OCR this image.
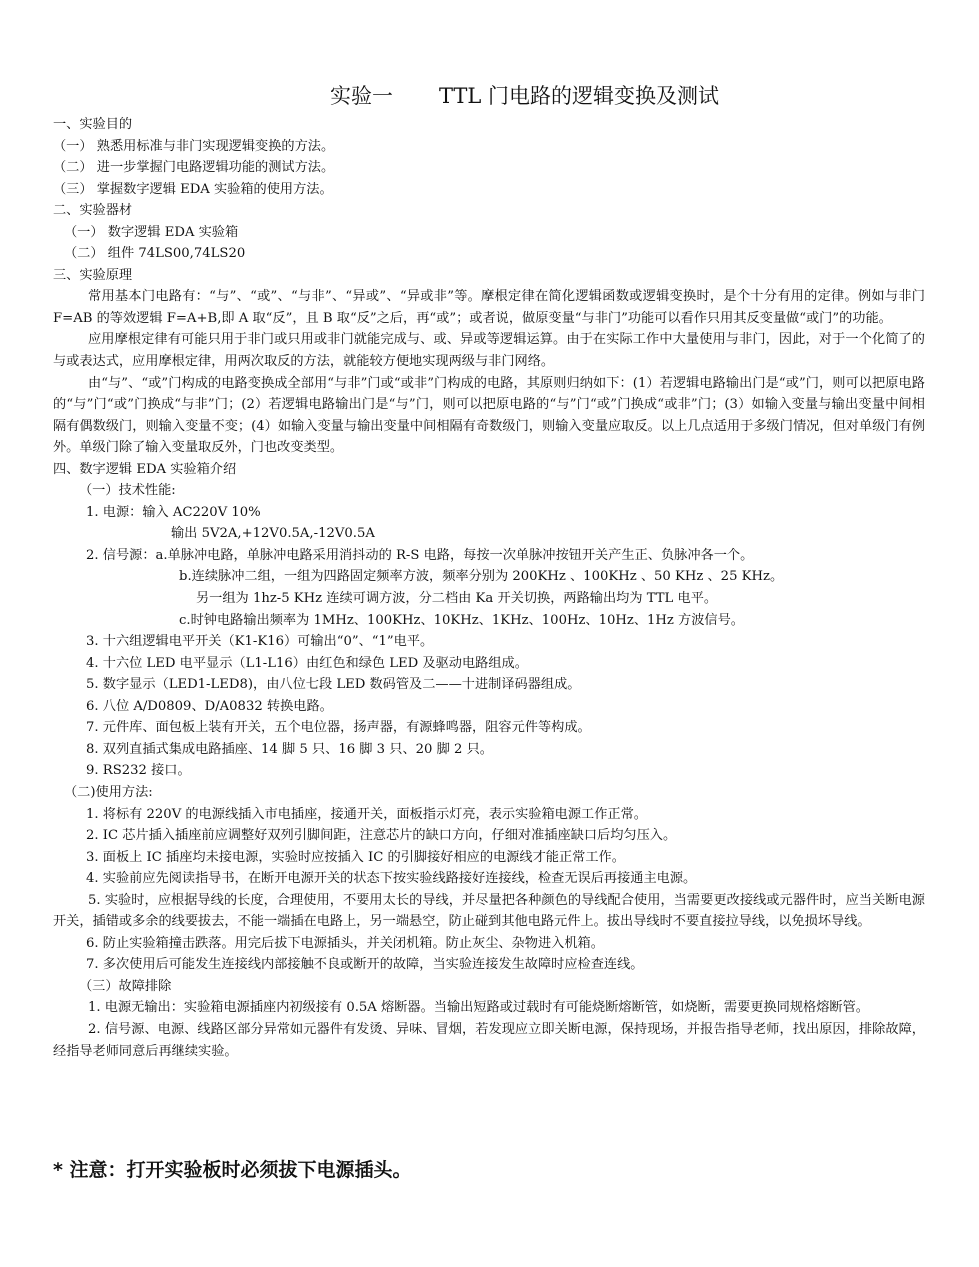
实验一 TTL 门电路的逻辑变换及测试

一、实验目的

（一） 熟悉用标准与非门实现逻辑变换的方法。

（二） 进一步掌握门电路逻辑功能的测试方法。

（三） 掌握数字逻辑 EDA 实验箱的使用方法。

二、实验器材

（一） 数字逻辑 EDA 实验箱

（二） 组件 74LS00,74LS20

三、实验原理

常用基本门电路有：“与”、“或”、“与非”、“异或”、“异或非”等。摩根定律在简化逻辑函数或逻辑变换时，是个十分有用的定律。例如与非门 F=AB 的等效逻辑 F=A+B,即 A 取“反”，且 B 取“反”之后，再“或”；或者说，做原变量“与非门”功能可以看作只用其反变量做“或门”的功能。

应用摩根定律有可能只用于非门或只用或非门就能完成与、或、异或等逻辑运算。由于在实际工作中大量使用与非门，因此，对于一个化简了的与或表达式，应用摩根定律，用两次取反的方法，就能较方便地实现两级与非门网络。

由“与”、“或”门构成的电路变换成全部用“与非”门或“或非”门构成的电路，其原则归纳如下：(1）若逻辑电路输出门是“或”门，则可以把原电路的“与”门“或”门换成“与非”门；(2）若逻辑电路输出门是“与”门，则可以把原电路的“与”门“或”门换成“或非”门；(3）如输入变量与输出变量中间相隔有偶数级门，则输入变量不变；(4）如输入变量与输出变量中间相隔有奇数级门，则输入变量应取反。以上几点适用于多级门情况，但对单级门有例外。单级门除了输入变量取反外，门也改变类型。

四、数字逻辑 EDA 实验箱介绍

（一）技术性能:

1. 电源：输入 AC220V 10%

输出 5V2A,+12V0.5A,-12V0.5A

2. 信号源：a.单脉冲电路，单脉冲电路采用消抖动的 R-S 电路，每按一次单脉冲按钮开关产生正、负脉冲各一个。

b.连续脉冲二组，一组为四路固定频率方波，频率分别为 200KHz 、100KHz 、50 KHz 、25 KHz。

另一组为 1hz-5 KHz 连续可调方波，分二档由 Ka 开关切换，两路输出均为 TTL 电平。

c.时钟电路输出频率为 1MHz、100KHz、10KHz、1KHz、100Hz、10Hz、1Hz 方波信号。

3. 十六组逻辑电平开关（K1-K16）可输出“0”、“1”电平。

4. 十六位 LED 电平显示（L1-L16）由红色和绿色 LED 及驱动电路组成。

5. 数字显示（LED1-LED8)，由八位七段 LED 数码管及二——十进制译码器组成。

6. 八位 A/D0809、D/A0832 转换电路。

7. 元件库、面包板上装有开关，五个电位器，扬声器，有源蜂鸣器，阻容元件等构成。

8. 双列直插式集成电路插座、14 脚 5 只、16 脚 3 只、20 脚 2 只。

9. RS232 接口。

（二)使用方法:

1. 将标有 220V 的电源线插入市电插座，接通开关，面板指示灯亮，表示实验箱电源工作正常。

2. IC 芯片插入插座前应调整好双列引脚间距，注意芯片的缺口方向，仔细对准插座缺口后均匀压入。

3. 面板上 IC 插座均未接电源，实验时应按插入 IC 的引脚接好相应的电源线才能正常工作。

4. 实验前应先阅读指导书，在断开电源开关的状态下按实验线路接好连接线，检查无误后再接通主电源。

5. 实验时，应根据导线的长度，合理使用，不要用太长的导线，并尽量把各种颜色的导线配合使用，当需要更改接线或元器件时，应当关断电源开关，插错或多余的线要拔去，不能一端插在电路上，另一端悬空，防止碰到其他电路元件上。拔出导线时不要直接拉导线，以免损坏导线。

6. 防止实验箱撞击跌落。用完后拔下电源插头，并关闭机箱。防止灰尘、杂物进入机箱。

7. 多次使用后可能发生连接线内部接触不良或断开的故障，当实验连接发生故障时应检查连线。

（三）故障排除

1. 电源无输出：实验箱电源插座内初级接有 0.5A 熔断器。当输出短路或过载时有可能烧断熔断管，如烧断，需要更换同规格熔断管。

2. 信号源、电源、线路区部分异常如元器件有发烫、异味、冒烟，若发现应立即关断电源，保持现场，并报告指导老师，找出原因，排除故障，经指导老师同意后再继续实验。

* 注意：打开实验板时必须拔下电源插头。
